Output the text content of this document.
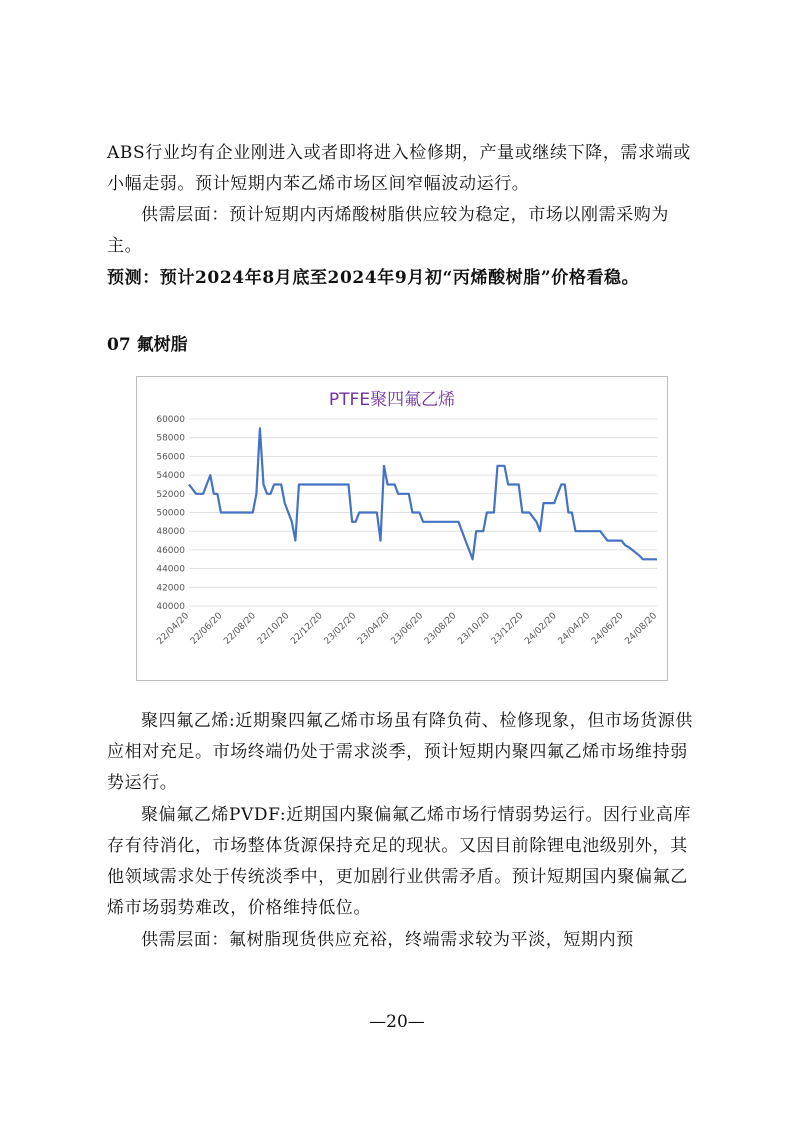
ABS行业均有企业刚进入或者即将进入检修期，产量或继续下降，需求端或小幅走弱。预计短期内苯乙烯市场区间窄幅波动运行。

供需层面：预计短期内丙烯酸树脂供应较为稳定，市场以刚需采购为主。

预测：预计2024年8月底至2024年9月初“丙烯酸树脂”价格看稳。

07 氟树脂

PTFE聚四氟乙烯
40000
42000
44000
46000
48000
50000
52000
54000
56000
58000
60000
22/04/20
22/06/20
22/08/20
22/10/20
22/12/20
23/02/20
23/04/20
23/06/20
23/08/20
23/10/20
23/12/20
24/02/20
24/04/20
24/06/20
24/08/20

聚四氟乙烯:近期聚四氟乙烯市场虽有降负荷、检修现象，但市场货源供应相对充足。市场终端仍处于需求淡季，预计短期内聚四氟乙烯市场维持弱势运行。

聚偏氟乙烯PVDF:近期国内聚偏氟乙烯市场行情弱势运行。因行业高库存有待消化，市场整体货源保持充足的现状。又因目前除锂电池级别外，其他领域需求处于传统淡季中，更加剧行业供需矛盾。预计短期国内聚偏氟乙烯市场弱势难改，价格维持低位。

供需层面：氟树脂现货供应充裕，终端需求较为平淡，短期内预

—20—
